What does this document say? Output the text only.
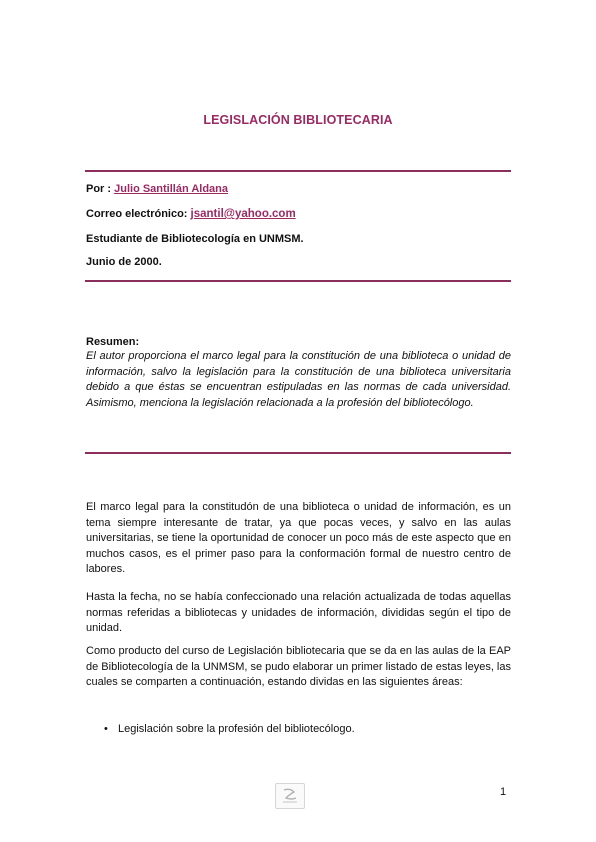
LEGISLACIÓN BIBLIOTECARIA
Por : Julio Santillán Aldana
Correo electrónico: jsantil@yahoo.com
Estudiante de Bibliotecología en UNMSM.
Junio de 2000.
Resumen:
El autor proporciona el marco legal para la constitución de una biblioteca o unidad de información, salvo la legislación para la constitución de una biblioteca universitaria debido a que éstas se encuentran estipuladas en las normas de cada universidad. Asimismo, menciona la legislación relacionada a la profesión del bibliotecólogo.
El marco legal para la constitudón de una biblioteca o unidad de información, es un tema siempre interesante de tratar, ya que pocas veces, y salvo en las aulas universitarias, se tiene la oportunidad de conocer un poco más de este aspecto que en muchos casos, es el primer paso para la conformación formal de nuestro centro de labores.
Hasta la fecha, no se había confeccionado una relación actualizada de todas aquellas normas referidas a bibliotecas y unidades de información, divididas según el tipo de unidad.
Como producto del curso de Legislación bibliotecaria que se da en las aulas de la EAP de Bibliotecología de la UNMSM, se pudo elaborar un primer listado de estas leyes, las cuales se comparten a continuación, estando dividas en las siguientes áreas:
• Legislación sobre la profesión del bibliotecólogo.
1
